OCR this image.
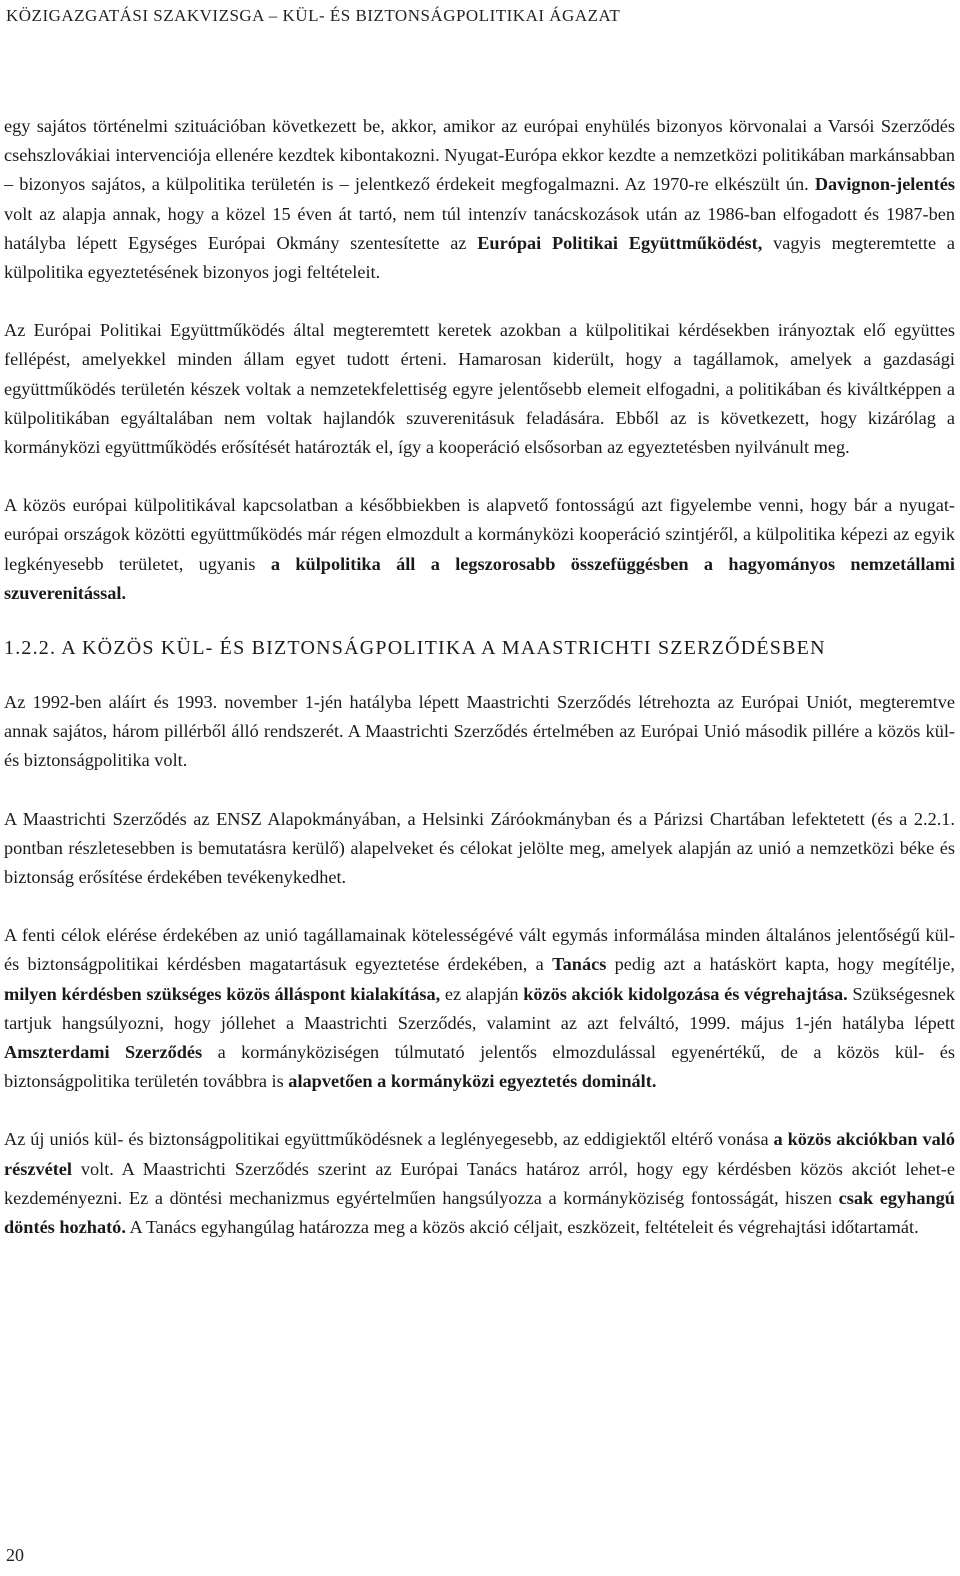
KÖZIGAZGATÁSI SZAKVIZSGA – KÜL- ÉS BIZTONSÁGPOLITIKAI ÁGAZAT

egy sajátos történelmi szituációban következett be, akkor, amikor az európai enyhülés bizonyos körvonalai a Varsói Szerződés csehszlovákiai intervenciója ellenére kezdtek kibontakozni. Nyugat-Európa ekkor kezdte a nemzetközi politikában markánsabban – bizonyos sajátos, a külpolitika területén is – jelentkező érdekeit megfogalmazni. Az 1970-re elkészült ún. Davignon-jelentés volt az alapja annak, hogy a közel 15 éven át tartó, nem túl intenzív tanácskozások után az 1986-ban elfogadott és 1987-ben hatályba lépett Egységes Európai Okmány szentesítette az Európai Politikai Együttműködést, vagyis megteremtette a külpolitika egyeztetésének bizonyos jogi feltételeit.

Az Európai Politikai Együttműködés által megteremtett keretek azokban a külpolitikai kérdésekben irányoztak elő együttes fellépést, amelyekkel minden állam egyet tudott érteni. Hamarosan kiderült, hogy a tagállamok, amelyek a gazdasági együttműködés területén készek voltak a nemzetekfelettiség egyre jelentősebb elemeit elfogadni, a politikában és kiváltképpen a külpolitikában egyáltalában nem voltak hajlandók szuverenitásuk feladására. Ebből az is következett, hogy kizárólag a kormányközi együttműködés erősítését határozták el, így a kooperáció elsősorban az egyeztetésben nyilvánult meg.

A közös európai külpolitikával kapcsolatban a későbbiekben is alapvető fontosságú azt figyelembe venni, hogy bár a nyugat-európai országok közötti együttműködés már régen elmozdult a kormányközi kooperáció szintjéről, a külpolitika képezi az egyik legkényesebb területet, ugyanis a külpolitika áll a legszorosabb összefüggésben a hagyományos nemzetállami szuverenitással.

1.2.2. A KÖZÖS KÜL- ÉS BIZTONSÁGPOLITIKA A MAASTRICHTI SZERZŐDÉSBEN

Az 1992-ben aláírt és 1993. november 1-jén hatályba lépett Maastrichti Szerződés létrehozta az Európai Uniót, megteremtve annak sajátos, három pillérből álló rendszerét. A Maastrichti Szerződés értelmében az Európai Unió második pillére a közös kül- és biztonságpolitika volt.

A Maastrichti Szerződés az ENSZ Alapokmányában, a Helsinki Záróokmányban és a Párizsi Chartában lefektetett (és a 2.2.1. pontban részletesebben is bemutatásra kerülő) alapelveket és célokat jelölte meg, amelyek alapján az unió a nemzetközi béke és biztonság erősítése érdekében tevékenykedhet.

A fenti célok elérése érdekében az unió tagállamainak kötelességévé vált egymás informálása minden általános jelentőségű kül- és biztonságpolitikai kérdésben magatartásuk egyeztetése érdekében, a Tanács pedig azt a hatáskört kapta, hogy megítélje, milyen kérdésben szükséges közös álláspont kialakítása, ez alapján közös akciók kidolgozása és végrehajtása. Szükségesnek tartjuk hangsúlyozni, hogy jóllehet a Maastrichti Szerződés, valamint az azt felváltó, 1999. május 1-jén hatályba lépett Amszterdami Szerződés a kormányköziségen túlmutató jelentős elmozdulással egyenértékű, de a közös kül- és biztonságpolitika területén továbbra is alapvetően a kormányközi egyeztetés dominált.

Az új uniós kül- és biztonságpolitikai együttműködésnek a leglényegesebb, az eddigiektől eltérő vonása a közös akciókban való részvétel volt. A Maastrichti Szerződés szerint az Európai Tanács határoz arról, hogy egy kérdésben közös akciót lehet-e kezdeményezni. Ez a döntési mechanizmus egyértelműen hangsúlyozza a kormányköziség fontosságát, hiszen csak egyhangú döntés hozható. A Tanács egyhangúlag határozza meg a közös akció céljait, eszközeit, feltételeit és végrehajtási időtartamát.

20
